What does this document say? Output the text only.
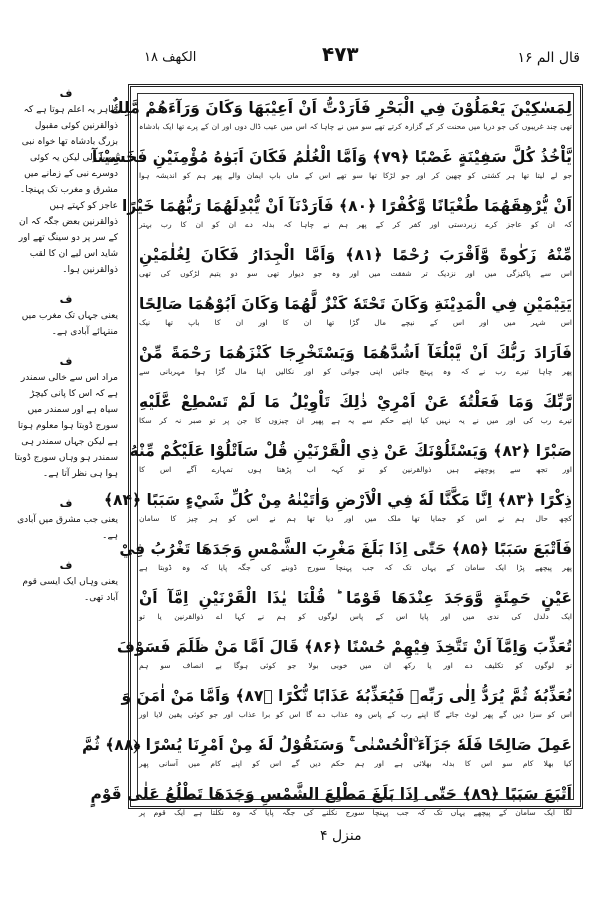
الكهف ۱۸	۴۷۳	قال الم ۱۶
ف
ظاہر یہ اعلم ہوتا ہے کہ ذوالقرنین کوئی مقبول بزرگ بادشاہ تھا خواہ نبی ہو یا ولی لیکن یہ کوئی دوسرے نبی کے زمانے میں مشرق و مغرب تک پہنچا۔ عاجز کو کہتے ہیں ذوالقرنین بعض جگہ کہ ان کے سر پر دو سینگ تھے اور شاید اس لیے ان کا لقب ذوالقرنین ہوا۔
ف
یعنی جہاں تک مغرب میں منتہائے آبادی ہے۔
ف
مراد اس سے خالی سمندر ہے کہ اس کا پانی کیچڑ سیاہ ہے اور سمندر میں سورج ڈوبتا ہوا معلوم ہوتا ہے لیکن جہاں سمندر ہی سمندر ہو وہاں سورج ڈوبتا ہوا ہی نظر آتا ہے۔
ف
یعنی جب مشرق میں آبادی ہے۔
ف
یعنی وہاں ایک ایسی قوم آباد تھی۔
لِمَسٰكِيْنَ يَعْمَلُوْنَ فِي الْبَحْرِ فَاَرَدْتُّ اَنْ اَعِيْبَهَا وَكَانَ وَرَآءَهُمْ مَّلِكٌ
تھی چند غریبوں کی جو دریا میں محنت کر کے گزارہ کرتے تھے سو میں نے چاہا کہ اس میں عیب ڈال دوں اور ان کے پرے تھا ایک بادشاہ
يَّاْخُذُ كُلَّ سَفِيْنَةٍ غَصْبًا ﴿۷۹﴾ وَاَمَّا الْغُلٰمُ فَكَانَ اَبَوٰهُ مُؤْمِنَيْنِ فَخَشِيْنَآ
جو لے لیتا تھا ہر کشتی کو چھین کر اور جو لڑکا تھا سو تھے اس کے ماں باپ ایمان والے پھر ہم کو اندیشہ ہوا
اَنْ يُّرْهِقَهُمَا طُغْيَانًا وَّكُفْرًا ﴿۸۰﴾ فَاَرَدْنَآ اَنْ يُّبْدِلَهُمَا رَبُّهُمَا خَيْرًا
کہ ان کو عاجز کرے زبردستی اور کفر کر کے پھر ہم نے چاہا کہ بدلہ دے ان کو ان کا رب بہتر
مِّنْهُ زَكٰوةً وَّاَقْرَبَ رُحْمًا ﴿۸۱﴾ وَاَمَّا الْجِدَارُ فَكَانَ لِغُلٰمَيْنِ
اس سے پاکیزگی میں اور نزدیک تر شفقت میں اور وہ جو دیوار تھی سو دو یتیم لڑکوں کی تھی
يَتِيْمَيْنِ فِي الْمَدِيْنَةِ وَكَانَ تَحْتَهٗ كَنْزٌ لَّهُمَا وَكَانَ اَبُوْهُمَا صَالِحًا
اس شہر میں اور اس کے نیچے مال گڑا تھا ان کا اور ان کا باپ تھا نیک
فَاَرَادَ رَبُّكَ اَنْ يَّبْلُغَآ اَشُدَّهُمَا وَيَسْتَخْرِجَا كَنْزَهُمَا رَحْمَةً مِّنْ
پھر چاہا تیرے رب نے کہ وہ پہنچ جائیں اپنی جوانی کو اور نکالیں اپنا مال گڑا ہوا مہربانی سے
رَّبِّكَ وَمَا فَعَلْتُهٗ عَنْ اَمْرِيْ ذٰلِكَ تَاْوِيْلُ مَا لَمْ تَسْطِعْ عَّلَيْهِ
تیرے رب کی اور میں نے یہ نہیں کیا اپنے حکم سے یہ ہے پھیر ان چیزوں کا جن پر تو صبر نہ کر سکا
صَبْرًا ﴿۸۲﴾ وَيَسْئَلُوْنَكَ عَنْ ذِي الْقَرْنَيْنِ قُلْ سَاَتْلُوْا عَلَيْكُمْ مِّنْهُ
اور تجھ سے پوچھتے ہیں ذوالقرنین کو تو کہہ اب پڑھتا ہوں تمہارے آگے اس کا
ذِكْرًا ﴿۸۳﴾ اِنَّا مَكَّنَّا لَهٗ فِي الْاَرْضِ وَاٰتَيْنٰهُ مِنْ كُلِّ شَيْءٍ سَبَبًا ﴿۸۴﴾
کچھ حال ہم نے اس کو جمایا تھا ملک میں اور دیا تھا ہم نے اس کو ہر چیز کا سامان
فَاَتْبَعَ سَبَبًا ﴿۸۵﴾ حَتّٰى اِذَا بَلَغَ مَغْرِبَ الشَّمْسِ وَجَدَهَا تَغْرُبُ فِيْ
پھر پیچھے پڑا ایک سامان کے یہاں تک کہ جب پہنچا سورج ڈوبنے کی جگہ پایا کہ وہ ڈوبتا ہے
عَيْنٍ حَمِئَةٍ وَّوَجَدَ عِنْدَهَا قَوْمًا ؕ قُلْنَا يٰذَا الْقَرْنَيْنِ اِمَّآ اَنْ
ایک دلدل کی ندی میں اور پایا اس کے پاس لوگوں کو ہم نے کہا اے ذوالقرنین یا تو
تُعَذِّبَ وَاِمَّآ اَنْ تَتَّخِذَ فِيْهِمْ حُسْنًا ﴿۸۶﴾ قَالَ اَمَّا مَنْ ظَلَمَ فَسَوْفَ
تو لوگوں کو تکلیف دے اور یا رکھ ان میں خوبی بولا جو کوئی ہوگا بے انصاف سو ہم
نُعَذِّبُهٗ ثُمَّ يُرَدُّ اِلٰى رَبِّهٖ فَيُعَذِّبُهٗ عَذَابًا نُّكْرًا ﴿۸۷﴾ وَاَمَّا مَنْ اٰمَنَ وَ
اس کو سزا دیں گے پھر لوٹ جائے گا اپنے رب کے پاس وہ عذاب دے گا اس کو برا عذاب اور جو کوئی یقین لایا اور
عَمِلَ صَالِحًا فَلَهٗ جَزَآءَ ۨالْحُسْنٰى ۚ وَسَنَقُوْلُ لَهٗ مِنْ اَمْرِنَا يُسْرًا ﴿۸۸﴾ ثُمَّ
کیا بھلا کام سو اس کا بدلہ بھلائی ہے اور ہم حکم دیں گے اس کو اپنے کام میں آسانی پھر
اَتْبَعَ سَبَبًا ﴿۸۹﴾ حَتّٰى اِذَا بَلَغَ مَطْلِعَ الشَّمْسِ وَجَدَهَا تَطْلُعُ عَلٰى قَوْمٍ
لگا ایک سامان کے پیچھے یہاں تک کہ جب پہنچا سورج نکلنے کی جگہ پایا کہ وہ نکلتا ہے ایک قوم پر
منزل ۴
